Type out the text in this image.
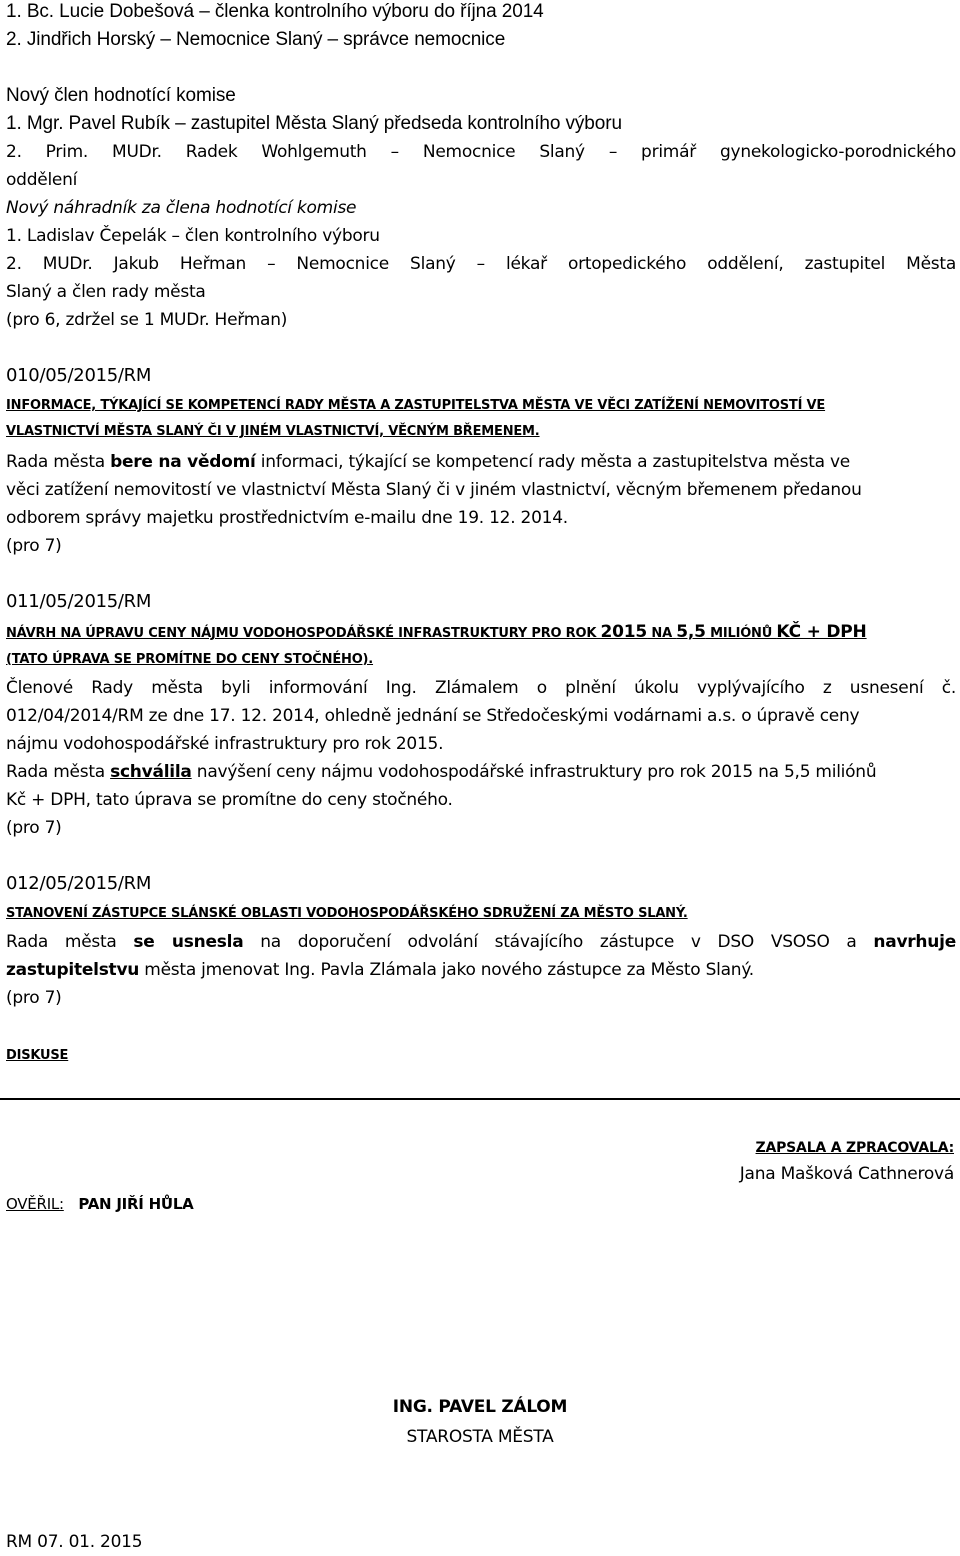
1. Bc. Lucie Dobešová – členka kontrolního výboru do října 2014
2. Jindřich Horský – Nemocnice Slaný – správce nemocnice
Nový člen hodnotící komise
1. Mgr. Pavel Rubík – zastupitel Města Slaný předseda kontrolního výboru
2. Prim. MUDr. Radek Wohlgemuth – Nemocnice Slaný – primář gynekologicko-porodnického
oddělení
Nový náhradník za člena hodnotící komise
1. Ladislav Čepelák – člen kontrolního výboru
2. MUDr. Jakub Heřman – Nemocnice Slaný – lékař ortopedického oddělení, zastupitel Města
Slaný a člen rady města
(pro 6, zdržel se 1 MUDr. Heřman)
010/05/2015/RM
INFORMACE, TÝKAJÍCÍ SE KOMPETENCÍ RADY MĚSTA A ZASTUPITELSTVA MĚSTA VE VĚCI ZATÍŽENÍ NEMOVITOSTÍ VE
VLASTNICTVÍ MĚSTA SLANÝ ČI V JINÉM VLASTNICTVÍ, VĚCNÝM BŘEMENEM.
Rada města bere na vědomí informaci, týkající se kompetencí rady města a zastupitelstva města ve
věci zatížení nemovitostí ve vlastnictví Města Slaný či v jiném vlastnictví, věcným břemenem předanou
odborem správy majetku prostřednictvím e-mailu dne 19. 12. 2014.
(pro 7)
011/05/2015/RM
NÁVRH NA ÚPRAVU CENY NÁJMU VODOHOSPODÁŘSKÉ INFRASTRUKTURY PRO ROK 2015 NA 5,5 MILIÓNŮ KČ + DPH
(TATO ÚPRAVA SE PROMÍTNE DO CENY STOČNÉHO).
Členové Rady města byli informování Ing. Zlámalem o plnění úkolu vyplývajícího z usnesení č.
012/04/2014/RM ze dne 17. 12. 2014, ohledně jednání se Středočeskými vodárnami a.s. o úpravě ceny
nájmu vodohospodářské infrastruktury pro rok 2015.
Rada města schválila navýšení ceny nájmu vodohospodářské infrastruktury pro rok 2015 na 5,5 miliónů
Kč + DPH, tato úprava se promítne do ceny stočného.
(pro 7)
012/05/2015/RM
STANOVENÍ ZÁSTUPCE SLÁNSKÉ OBLASTI VODOHOSPODÁŘSKÉHO SDRUŽENÍ ZA MĚSTO SLANÝ.
Rada města se usnesla na doporučení odvolání stávajícího zástupce v DSO VSOSO a navrhuje
zastupitelstvu města jmenovat Ing. Pavla Zlámala jako nového zástupce za Město Slaný.
(pro 7)
DISKUSE
ZAPSALA A ZPRACOVALA:
Jana Mašková Cathnerová
OVĚŘIL: PAN JIŘÍ HŮLA
ING. PAVEL ZÁLOM
STAROSTA MĚSTA
RM 07. 01. 2015
